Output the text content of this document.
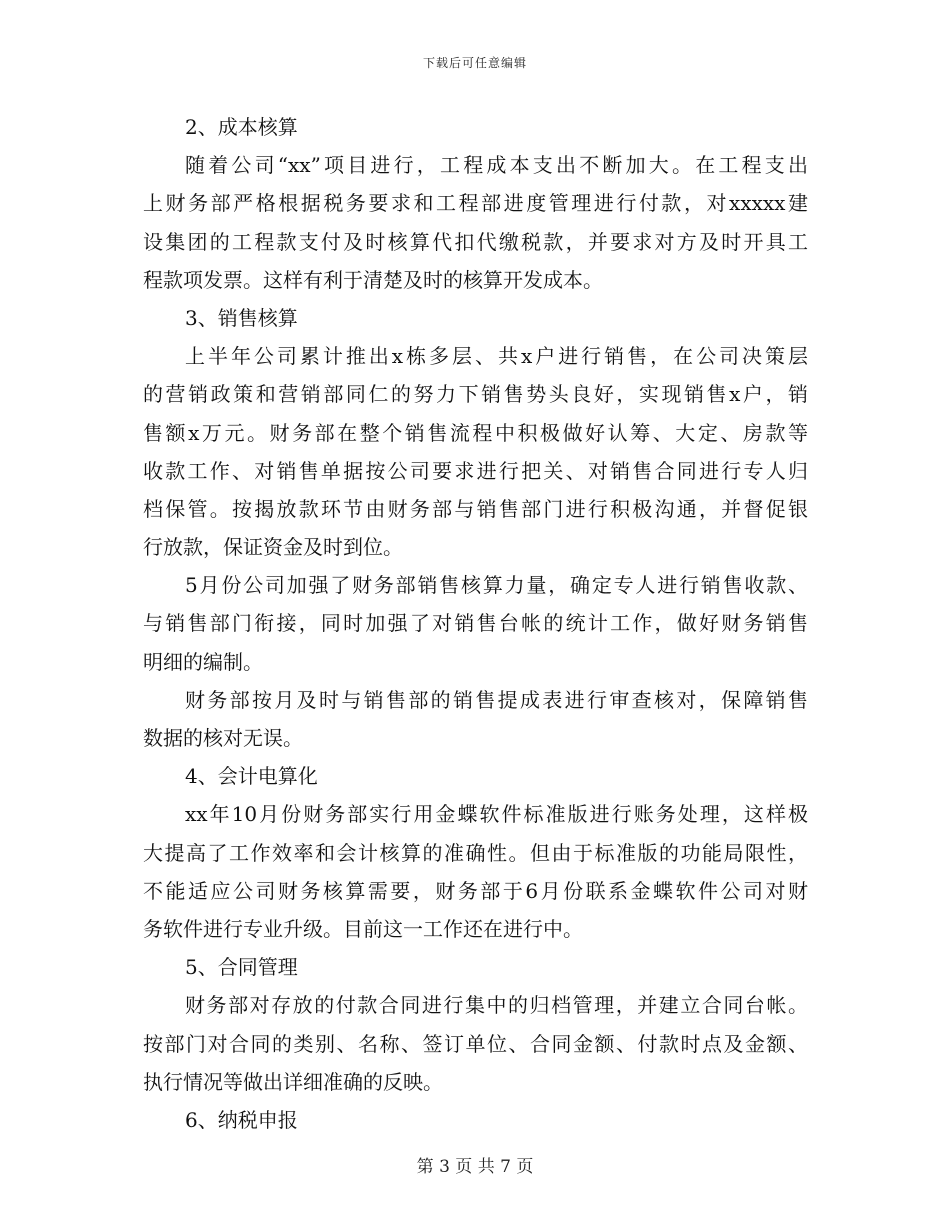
下载后可任意编辑
2、成本核算
随着公司“xx”项目进行，工程成本支出不断加大。在工程支出
上财务部严格根据税务要求和工程部进度管理进行付款，对xxxxx建
设集团的工程款支付及时核算代扣代缴税款，并要求对方及时开具工
程款项发票。这样有利于清楚及时的核算开发成本。
3、销售核算
上半年公司累计推出x栋多层、共x户进行销售，在公司决策层
的营销政策和营销部同仁的努力下销售势头良好，实现销售x户，销
售额x万元。财务部在整个销售流程中积极做好认筹、大定、房款等
收款工作、对销售单据按公司要求进行把关、对销售合同进行专人归
档保管。按揭放款环节由财务部与销售部门进行积极沟通，并督促银
行放款，保证资金及时到位。
5月份公司加强了财务部销售核算力量，确定专人进行销售收款、
与销售部门衔接，同时加强了对销售台帐的统计工作，做好财务销售
明细的编制。
财务部按月及时与销售部的销售提成表进行审查核对，保障销售
数据的核对无误。
4、会计电算化
xx年10月份财务部实行用金蝶软件标准版进行账务处理，这样极
大提高了工作效率和会计核算的准确性。但由于标准版的功能局限性，
不能适应公司财务核算需要，财务部于6月份联系金蝶软件公司对财
务软件进行专业升级。目前这一工作还在进行中。
5、合同管理
财务部对存放的付款合同进行集中的归档管理，并建立合同台帐。
按部门对合同的类别、名称、签订单位、合同金额、付款时点及金额、
执行情况等做出详细准确的反映。
6、纳税申报
第 3 页 共 7 页
